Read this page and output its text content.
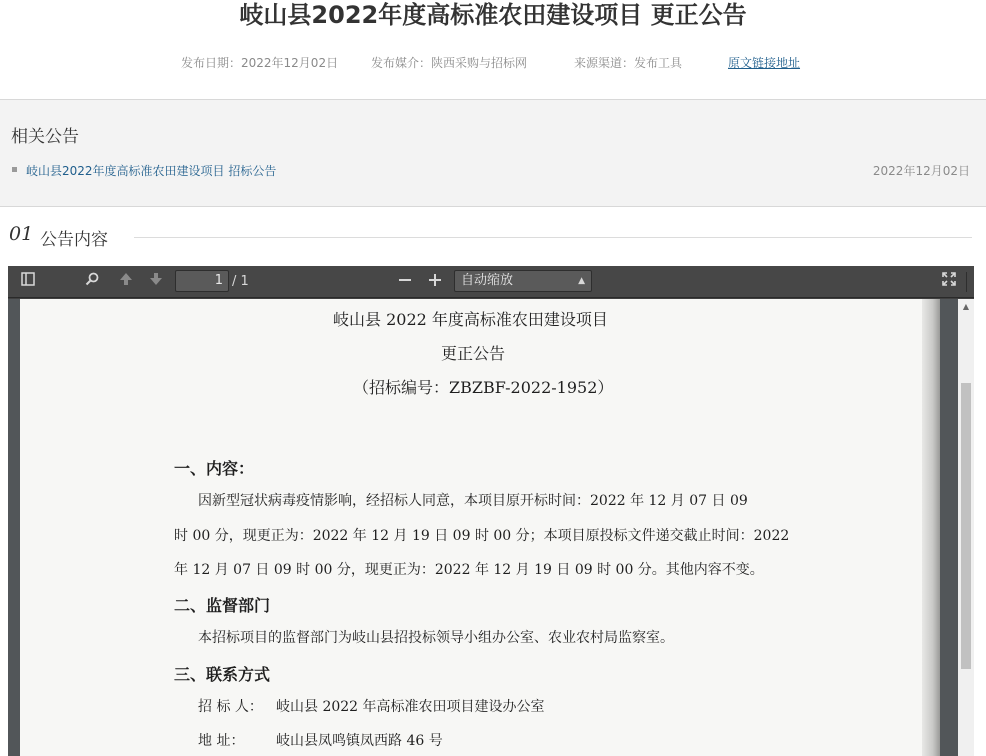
岐山县2022年度高标准农田建设项目 更正公告
发布日期：2022年12月02日	发布媒介：陕西采购与招标网	来源渠道：发布工具	原文链接地址
相关公告
岐山县2022年度高标准农田建设项目 招标公告	2022年12月02日
01 公告内容
1 / 1	自动缩放	▲

岐山县 2022 年度高标准农田建设项目
更正公告
（招标编号：ZBZBF-2022-1952）
一、内容：
因新型冠状病毒疫情影响，经招标人同意，本项目原开标时间：2022 年 12 月 07 日 09
时 00 分，现更正为：2022 年 12 月 19 日 09 时 00 分；本项目原投标文件递交截止时间：2022
年 12 月 07 日 09 时 00 分，现更正为：2022 年 12 月 19 日 09 时 00 分。其他内容不变。
二、监督部门
本招标项目的监督部门为岐山县招投标领导小组办公室、农业农村局监察室。
三、联系方式
招 标 人： 岐山县 2022 年高标准农田项目建设办公室
地 址： 岐山县凤鸣镇凤西路 46 号
▲
